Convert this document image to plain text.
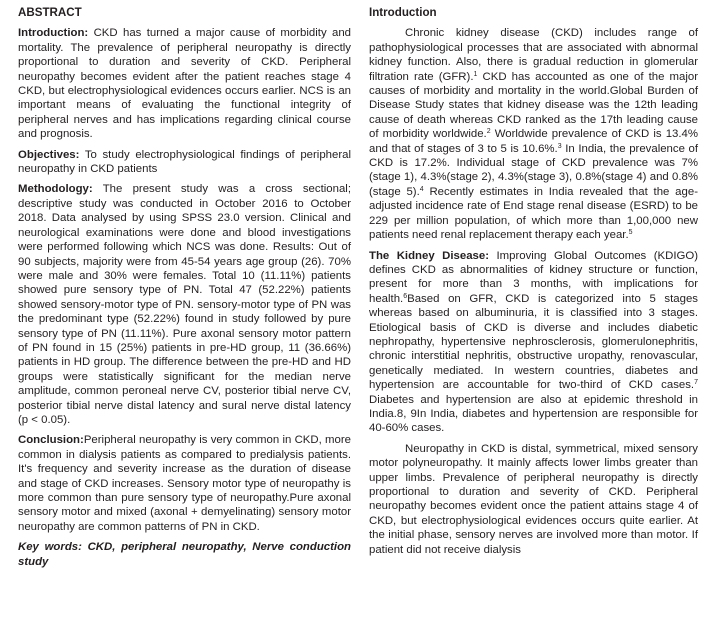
ABSTRACT

Introduction: CKD has turned a major cause of morbidity and mortality. The prevalence of peripheral neuropathy is directly proportional to duration and severity of CKD. Peripheral neuropathy becomes evident after the patient reaches stage 4 CKD, but electrophysiological evidences occurs earlier. NCS is an important means of evaluating the functional integrity of peripheral nerves and has implications regarding clinical course and prognosis.

Objectives: To study electrophysiological findings of peripheral neuropathy in CKD patients

Methodology: The present study was a cross sectional; descriptive study was conducted in October 2016 to October 2018. Data analysed by using SPSS 23.0 version. Clinical and neurological examinations were done and blood investigations were performed following which NCS was done. Results: Out of 90 subjects, majority were from 45-54 years age group (26). 70% were male and 30% were females. Total 10 (11.11%) patients showed pure sensory type of PN. Total 47 (52.22%) patients showed sensory-motor type of PN. sensory-motor type of PN was the predominant type (52.22%) found in study followed by pure sensory type of PN (11.11%). Pure axonal sensory motor pattern of PN found in 15 (25%) patients in pre-HD group, 11 (36.66%) patients in HD group. The difference between the pre-HD and HD groups were statistically significant for the median nerve amplitude, common peroneal nerve CV, posterior tibial nerve CV, posterior tibial nerve distal latency and sural nerve distal latency (p < 0.05).

Conclusion:Peripheral neuropathy is very common in CKD, more common in dialysis patients as compared to predialysis patients. It's frequency and severity increase as the duration of disease and stage of CKD increases. Sensory motor type of neuropathy is more common than pure sensory type of neuropathy.Pure axonal sensory motor and mixed (axonal + demyelinating) sensory motor neuropathy are common patterns of PN in CKD.

Key words: CKD, peripheral neuropathy, Nerve conduction study

Introduction

Chronic kidney disease (CKD) includes range of pathophysiological processes that are associated with abnormal kidney function. Also, there is gradual reduction in glomerular filtration rate (GFR).$^1$ CKD has accounted as one of the major causes of morbidity and mortality in the world.Global Burden of Disease Study states that kidney disease was the 12th leading cause of death whereas CKD ranked as the 17th leading cause of morbidity worldwide.$^2$ Worldwide prevalence of CKD is 13.4% and that of stages of 3 to 5 is 10.6%.$^3$ In India, the prevalence of CKD is 17.2%. Individual stage of CKD prevalence was 7% (stage 1), 4.3%(stage 2), 4.3%(stage 3), 0.8%(stage 4) and 0.8%(stage 5).$^4$ Recently estimates in India revealed that the age-adjusted incidence rate of End stage renal disease (ESRD) to be 229 per million population, of which more than 1,00,000 new patients need renal replacement therapy each year.$^5$

The Kidney Disease: Improving Global Outcomes (KDIGO) defines CKD as abnormalities of kidney structure or function, present for more than 3 months, with implications for health.$^6$Based on GFR, CKD is categorized into 5 stages whereas based on albuminuria, it is classified into 3 stages. Etiological basis of CKD is diverse and includes diabetic nephropathy, hypertensive nephrosclerosis, glomerulonephritis, chronic interstitial nephritis, obstructive uropathy, renovascular, genetically mediated. In western countries, diabetes and hypertension are accountable for two-third of CKD cases.$^7$ Diabetes and hypertension are also at epidemic threshold in India.8, 9In India, diabetes and hypertension are responsible for 40-60% cases.

Neuropathy in CKD is distal, symmetrical, mixed sensory motor polyneuropathy. It mainly affects lower limbs greater than upper limbs. Prevalence of peripheral neuropathy is directly proportional to duration and severity of CKD. Peripheral neuropathy becomes evident once the patient attains stage 4 of CKD, but electrophysiological evidences occurs quite earlier. At the initial phase, sensory nerves are involved more than motor. If patient did not receive dialysis
